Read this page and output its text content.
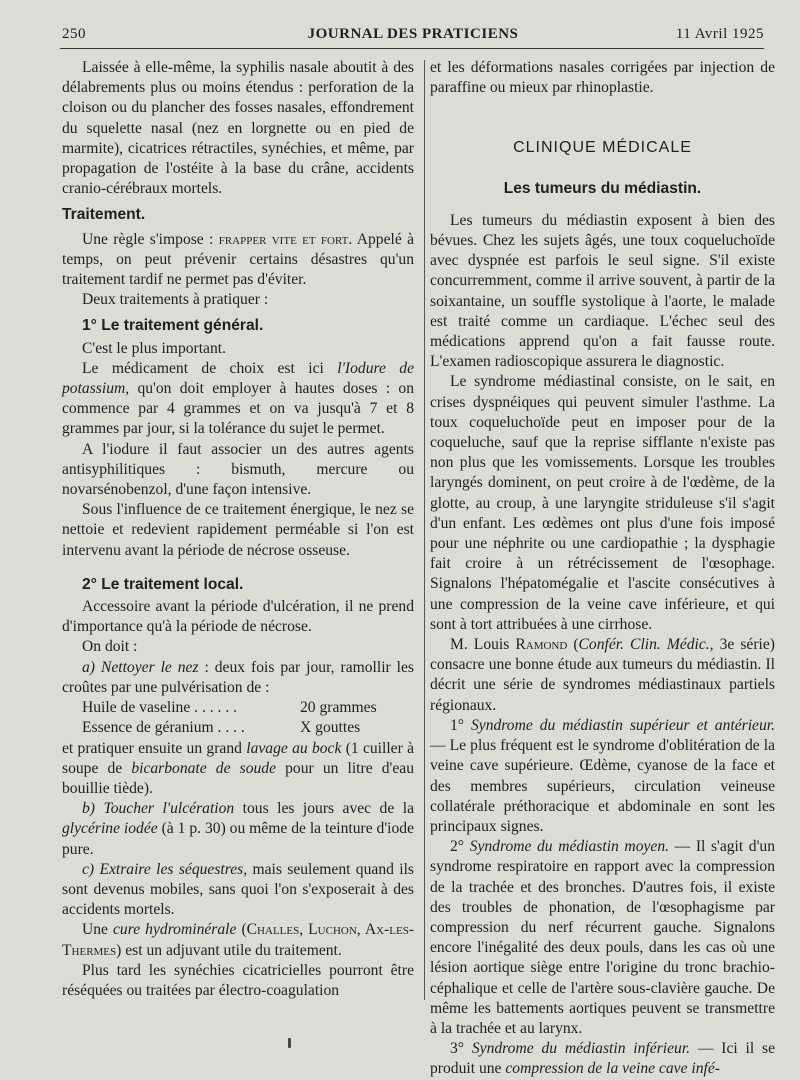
250	JOURNAL DES PRATICIENS	11 Avril 1925

Laissée à elle-même, la syphilis nasale aboutit à des délabrements plus ou moins étendus : perforation de la cloison ou du plancher des fosses nasales, effondrement du squelette nasal (nez en lorgnette ou en pied de marmite), cicatrices rétractiles, synéchies, et même, par propagation de l'ostéite à la base du crâne, accidents cranio-cérébraux mortels.

Traitement.

Une règle s'impose : frapper vite et fort. Appelé à temps, on peut prévenir certains désastres qu'un traitement tardif ne permet pas d'éviter.

Deux traitements à pratiquer :

1° Le traitement général.

C'est le plus important.

Le médicament de choix est ici l'Iodure de potassium, qu'on doit employer à hautes doses : on commence par 4 grammes et on va jusqu'à 7 et 8 grammes par jour, si la tolérance du sujet le permet.

A l'iodure il faut associer un des autres agents antisyphilitiques : bismuth, mercure ou novarsénobenzol, d'une façon intensive.

Sous l'influence de ce traitement énergique, le nez se nettoie et redevient rapidement perméable si l'on est intervenu avant la période de nécrose osseuse.

2° Le traitement local.

Accessoire avant la période d'ulcération, il ne prend d'importance qu'à la période de nécrose.

On doit :

a) Nettoyer le nez : deux fois par jour, ramollir les croûtes par une pulvérisation de :

Huile de vaseline . . . . . .	20 grammes
Essence de géranium . . . .	X gouttes

et pratiquer ensuite un grand lavage au bock (1 cuiller à soupe de bicarbonate de soude pour un litre d'eau bouillie tiède).

b) Toucher l'ulcération tous les jours avec de la glycérine iodée (à 1 p. 30) ou même de la teinture d'iode pure.

c) Extraire les séquestres, mais seulement quand ils sont devenus mobiles, sans quoi l'on s'exposerait à des accidents mortels.

Une cure hydrominérale (Challes, Luchon, Ax-les-Thermes) est un adjuvant utile du traitement.

Plus tard les synéchies cicatricielles pourront être réséquées ou traitées par électro-coagulation

et les déformations nasales corrigées par injection de paraffine ou mieux par rhinoplastie.

CLINIQUE MÉDICALE
Les tumeurs du médiastin.

Les tumeurs du médiastin exposent à bien des bévues. Chez les sujets âgés, une toux coqueluchoïde avec dyspnée est parfois le seul signe. S'il existe concurremment, comme il arrive souvent, à partir de la soixantaine, un souffle systolique à l'aorte, le malade est traité comme un cardiaque. L'échec seul des médications apprend qu'on a fait fausse route. L'examen radioscopique assurera le diagnostic.

Le syndrome médiastinal consiste, on le sait, en crises dyspnéiques qui peuvent simuler l'asthme. La toux coqueluchoïde peut en imposer pour de la coqueluche, sauf que la reprise sifflante n'existe pas non plus que les vomissements. Lorsque les troubles laryngés dominent, on peut croire à de l'œdème, de la glotte, au croup, à une laryngite striduleuse s'il s'agit d'un enfant. Les œdèmes ont plus d'une fois imposé pour une néphrite ou une cardiopathie ; la dysphagie fait croire à un rétrécissement de l'œsophage. Signalons l'hépatomégalie et l'ascite consécutives à une compression de la veine cave inférieure, et qui sont à tort attribuées à une cirrhose.

M. Louis Ramond (Confér. Clin. Médic., 3e série) consacre une bonne étude aux tumeurs du médiastin. Il décrit une série de syndromes médiastinaux partiels régionaux.

1° Syndrome du médiastin supérieur et antérieur. — Le plus fréquent est le syndrome d'oblitération de la veine cave supérieure. Œdème, cyanose de la face et des membres supérieurs, circulation veineuse collatérale préthoracique et abdominale en sont les principaux signes.

2° Syndrome du médiastin moyen. — Il s'agit d'un syndrome respiratoire en rapport avec la compression de la trachée et des bronches. D'autres fois, il existe des troubles de phonation, de l'œsophagisme par compression du nerf récurrent gauche. Signalons encore l'inégalité des deux pouls, dans les cas où une lésion aortique siège entre l'origine du tronc brachio-céphalique et celle de l'artère sous-clavière gauche. De même les battements aortiques peuvent se transmettre à la trachée et au larynx.

3° Syndrome du médiastin inférieur. — Ici il se produit une compression de la veine cave infé-
